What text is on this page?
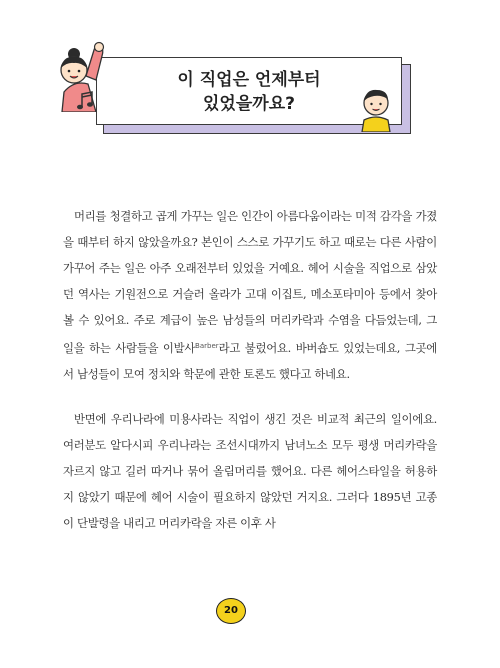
이 직업은 언제부터
있었을까요?

머리를 청결하고 곱게 가꾸는 일은 인간이 아름다움이라는 미적 감각을 가졌을 때부터 하지 않았을까요? 본인이 스스로 가꾸기도 하고 때로는 다른 사람이 가꾸어 주는 일은 아주 오래전부터 있었을 거예요. 헤어 시술을 직업으로 삼았던 역사는 기원전으로 거슬러 올라가 고대 이집트, 메소포타미아 등에서 찾아볼 수 있어요. 주로 계급이 높은 남성들의 머리카락과 수염을 다듬었는데, 그 일을 하는 사람들을 이발사$^{Barber}$라고 불렀어요. 바버숍도 있었는데요, 그곳에서 남성들이 모여 정치와 학문에 관한 토론도 했다고 하네요.

반면에 우리나라에 미용사라는 직업이 생긴 것은 비교적 최근의 일이에요. 여러분도 알다시피 우리나라는 조선시대까지 남녀노소 모두 평생 머리카락을 자르지 않고 길러 따거나 묶어 올림머리를 했어요. 다른 헤어스타일을 허용하지 않았기 때문에 헤어 시술이 필요하지 않았던 거지요. 그러다 1895년 고종이 단발령을 내리고 머리카락을 자른 이후 사

20
